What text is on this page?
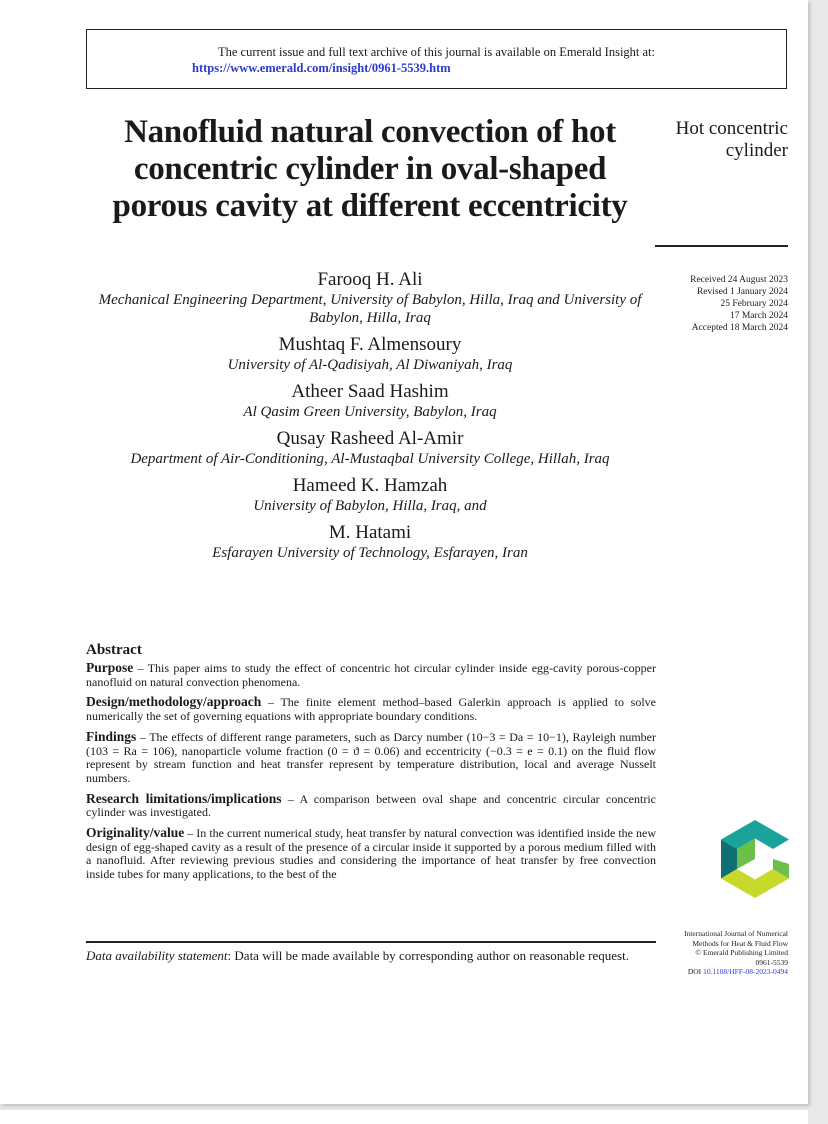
The current issue and full text archive of this journal is available on Emerald Insight at:
https://www.emerald.com/insight/0961-5539.htm
Nanofluid natural convection of hot concentric cylinder in oval-shaped porous cavity at different eccentricity
Hot concentric cylinder
Received 24 August 2023
Revised 1 January 2024
25 February 2024
17 March 2024
Accepted 18 March 2024
Farooq H. Ali
Mechanical Engineering Department, University of Babylon, Hilla, Iraq and University of Babylon, Hilla, Iraq
Mushtaq F. Almensoury
University of Al-Qadisiyah, Al Diwaniyah, Iraq
Atheer Saad Hashim
Al Qasim Green University, Babylon, Iraq
Qusay Rasheed Al-Amir
Department of Air-Conditioning, Al-Mustaqbal University College, Hillah, Iraq
Hameed K. Hamzah
University of Babylon, Hilla, Iraq, and
M. Hatami
Esfarayen University of Technology, Esfarayen, Iran
Abstract

Purpose – This paper aims to study the effect of concentric hot circular cylinder inside egg-cavity porous-copper nanofluid on natural convection phenomena.

Design/methodology/approach – The finite element method–based Galerkin approach is applied to solve numerically the set of governing equations with appropriate boundary conditions.

Findings – The effects of different range parameters, such as Darcy number (10−3 = Da = 10−1), Rayleigh number (103 = Ra = 106), nanoparticle volume fraction (0 = ϑ = 0.06) and eccentricity (−0.3 = e = 0.1) on the fluid flow represent by stream function and heat transfer represent by temperature distribution, local and average Nusselt numbers.

Research limitations/implications – A comparison between oval shape and concentric circular concentric cylinder was investigated.

Originality/value – In the current numerical study, heat transfer by natural convection was identified inside the new design of egg-shaped cavity as a result of the presence of a circular inside it supported by a porous medium filled with a nanofluid. After reviewing previous studies and considering the importance of heat transfer by free convection inside tubes for many applications, to the best of the

International Journal of Numerical
Methods for Heat & Fluid Flow
© Emerald Publishing Limited
0961-5539
DOI 10.1108/HFF-08-2023-0494
Data availability statement: Data will be made available by corresponding author on reasonable request.
